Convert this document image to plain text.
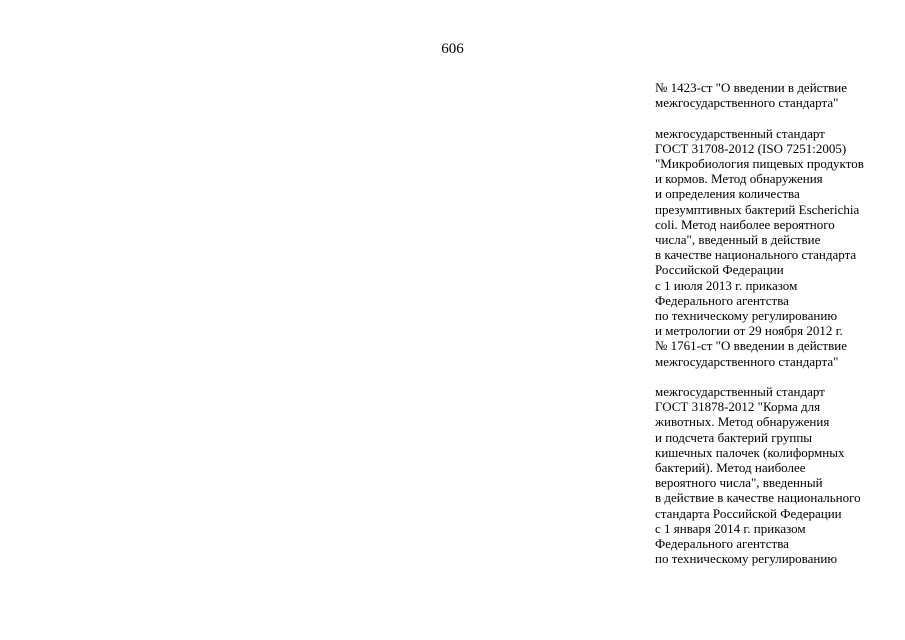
606

№ 1423-ст "О введении в действие
межгосударственного стандарта"

межгосударственный стандарт
ГОСТ 31708-2012 (ISO 7251:2005)
"Микробиология пищевых продуктов
и кормов. Метод обнаружения
и определения количества
презумптивных бактерий Escherichia
coli. Метод наиболее вероятного
числа", введенный в действие
в качестве национального стандарта
Российской Федерации
с 1 июля 2013 г. приказом
Федерального агентства
по техническому регулированию
и метрологии от 29 ноября 2012 г.
№ 1761-ст "О введении в действие
межгосударственного стандарта"

межгосударственный стандарт
ГОСТ 31878-2012 "Корма для
животных. Метод обнаружения
и подсчета бактерий группы
кишечных палочек (колиформных
бактерий). Метод наиболее
вероятного числа", введенный
в действие в качестве национального
стандарта Российской Федерации
с 1 января 2014 г. приказом
Федерального агентства
по техническому регулированию
